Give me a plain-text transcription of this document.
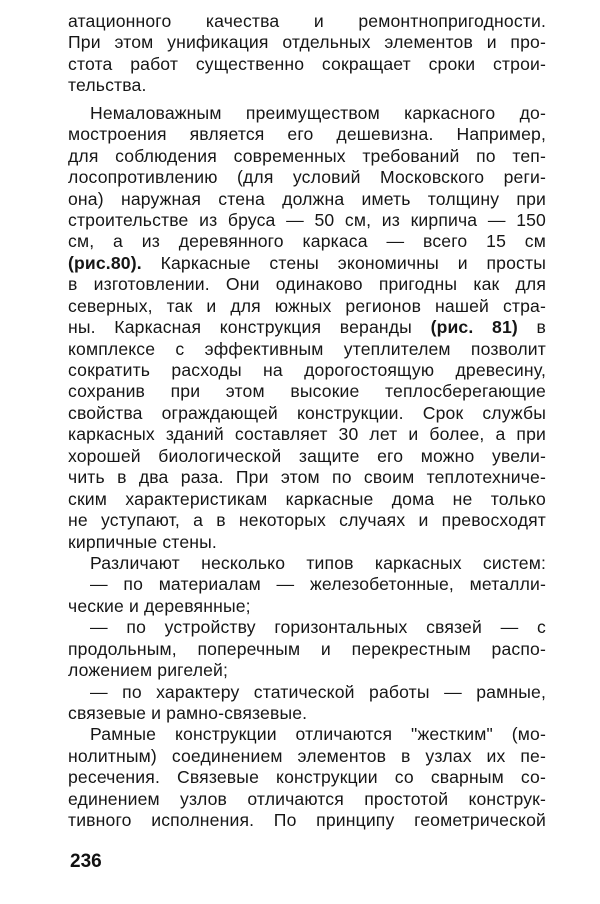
атационного качества и ремонтнопригодности.
При этом унификация отдельных элементов и про-
стота работ существенно сокращает сроки строи-
тельства.
Немаловажным преимуществом каркасного до-
мостроения является его дешевизна. Например,
для соблюдения современных требований по теп-
лосопротивлению (для условий Московского реги-
она) наружная стена должна иметь толщину при
строительстве из бруса — 50 см, из кирпича — 150
см, а из деревянного каркаса — всего 15 см
(рис.80). Каркасные стены экономичны и просты
в изготовлении. Они одинаково пригодны как для
северных, так и для южных регионов нашей стра-
ны. Каркасная конструкция веранды (рис. 81) в
комплексе с эффективным утеплителем позволит
сократить расходы на дорогостоящую древесину,
сохранив при этом высокие теплосберегающие
свойства ограждающей конструкции. Срок службы
каркасных зданий составляет 30 лет и более, а при
хорошей биологической защите его можно увели-
чить в два раза. При этом по своим теплотехниче-
ским характеристикам каркасные дома не только
не уступают, а в некоторых случаях и превосходят
кирпичные стены.
Различают несколько типов каркасных систем:
— по материалам — железобетонные, металли-
ческие и деревянные;
— по устройству горизонтальных связей — с
продольным, поперечным и перекрестным распо-
ложением ригелей;
— по характеру статической работы — рамные,
связевые и рамно-связевые.
Рамные конструкции отличаются "жестким" (мо-
нолитным) соединением элементов в узлах их пе-
ресечения. Связевые конструкции со сварным со-
единением узлов отличаются простотой конструк-
тивного исполнения. По принципу геометрической
236
